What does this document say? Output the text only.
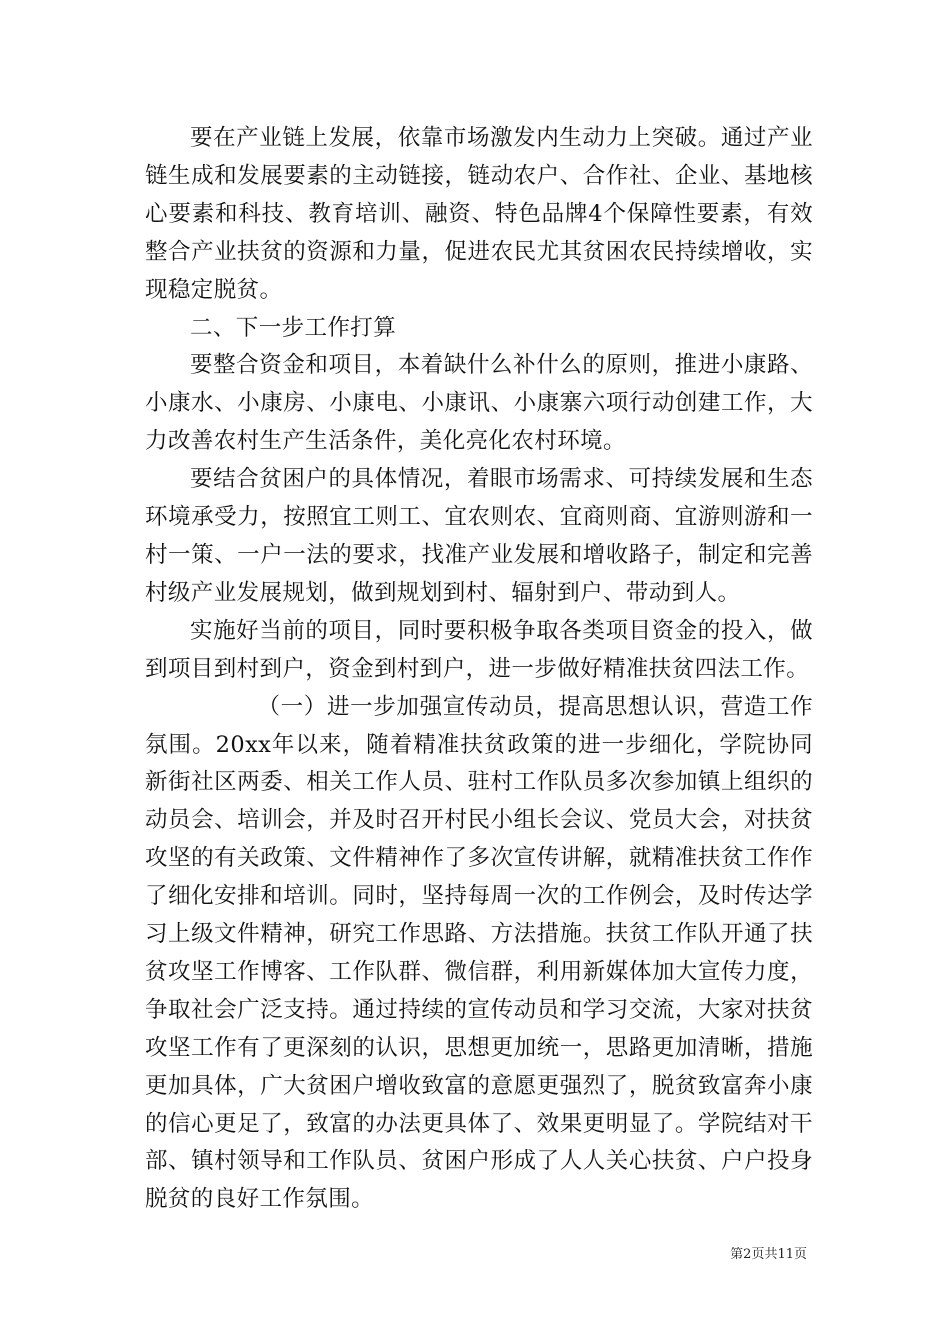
要在产业链上发展，依靠市场激发内生动力上突破。通过产业链生成和发展要素的主动链接，链动农户、合作社、企业、基地核心要素和科技、教育培训、融资、特色品牌4个保障性要素，有效整合产业扶贫的资源和力量，促进农民尤其贫困农民持续增收，实现稳定脱贫。

二、下一步工作打算

要整合资金和项目，本着缺什么补什么的原则，推进小康路、小康水、小康房、小康电、小康讯、小康寨六项行动创建工作，大力改善农村生产生活条件，美化亮化农村环境。

要结合贫困户的具体情况，着眼市场需求、可持续发展和生态环境承受力，按照宜工则工、宜农则农、宜商则商、宜游则游和一村一策、一户一法的要求，找准产业发展和增收路子，制定和完善村级产业发展规划，做到规划到村、辐射到户、带动到人。

实施好当前的项目，同时要积极争取各类项目资金的投入，做到项目到村到户，资金到村到户，进一步做好精准扶贫四法工作。

（一）进一步加强宣传动员，提高思想认识，营造工作氛围。20xx年以来，随着精准扶贫政策的进一步细化，学院协同新街社区两委、相关工作人员、驻村工作队员多次参加镇上组织的动员会、培训会，并及时召开村民小组长会议、党员大会，对扶贫攻坚的有关政策、文件精神作了多次宣传讲解，就精准扶贫工作作了细化安排和培训。同时，坚持每周一次的工作例会，及时传达学习上级文件精神，研究工作思路、方法措施。扶贫工作队开通了扶贫攻坚工作博客、工作队群、微信群，利用新媒体加大宣传力度，争取社会广泛支持。通过持续的宣传动员和学习交流，大家对扶贫攻坚工作有了更深刻的认识，思想更加统一，思路更加清晰，措施更加具体，广大贫困户增收致富的意愿更强烈了，脱贫致富奔小康的信心更足了，致富的办法更具体了、效果更明显了。学院结对干部、镇村领导和工作队员、贫困户形成了人人关心扶贫、户户投身脱贫的良好工作氛围。

第2页共11页
